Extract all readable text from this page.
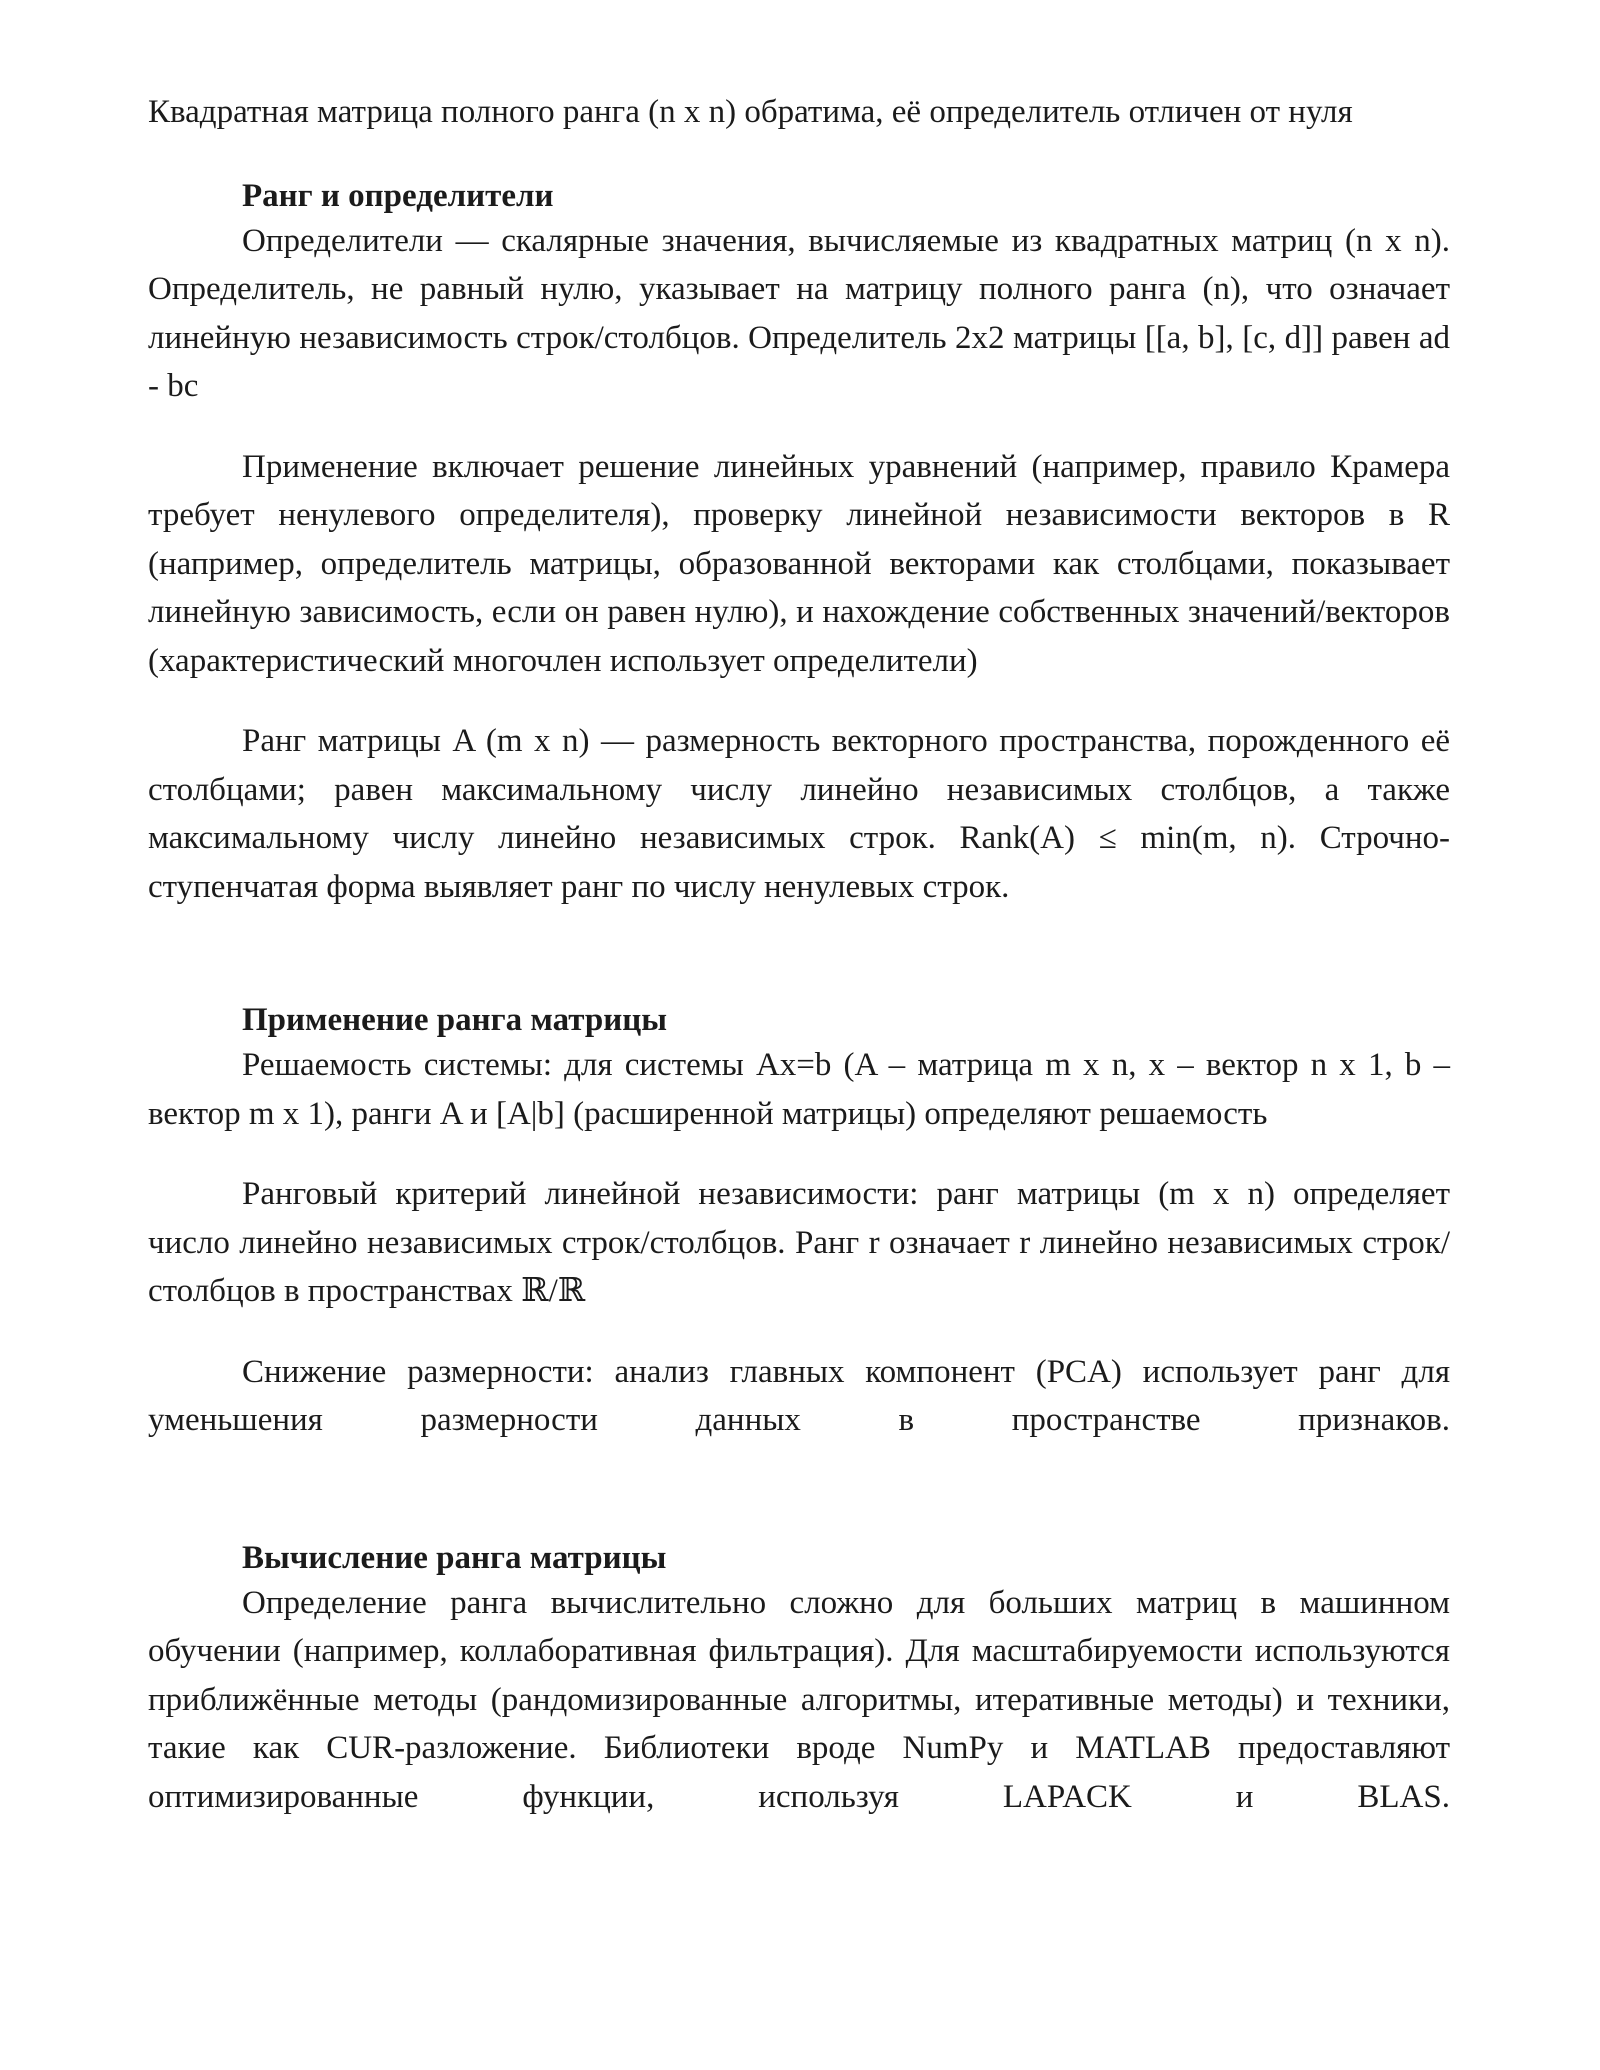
Квадратная матрица полного ранга (n x n) обратима, её определитель отличен от нуля

Ранг и определители

Определители — скалярные значения, вычисляемые из квадратных матриц (n x n). Определитель, не равный нулю, указывает на матрицу полного ранга (n), что означает линейную независимость строк/столбцов. Определитель 2x2 матрицы [[a, b], [c, d]] равен ad - bc

Применение включает решение линейных уравнений (например, правило Крамера требует ненулевого определителя), проверку линейной независимости векторов в R (например, определитель матрицы, образованной векторами как столбцами, показывает линейную зависимость, если он равен нулю), и нахождение собственных значений/векторов (характеристический многочлен использует определители)

Ранг матрицы A (m x n) — размерность векторного пространства, порожденного её столбцами; равен максимальному числу линейно независимых столбцов, а также максимальному числу линейно независимых строк. Rank(A) ≤ min(m, n). Строчно-ступенчатая форма выявляет ранг по числу ненулевых строк.

Применение ранга матрицы

Решаемость системы: для системы Ax=b (A – матрица m x n, x – вектор n x 1, b – вектор m x 1), ранги A и [A|b] (расширенной матрицы) определяют решаемость

Ранговый критерий линейной независимости: ранг матрицы (m x n) определяет число линейно независимых строк/столбцов. Ранг r означает r линейно независимых строк/столбцов в пространствах ℝ/ℝ

Снижение размерности: анализ главных компонент (PCA) использует ранг для уменьшения размерности данных в пространстве признаков.

Вычисление ранга матрицы

Определение ранга вычислительно сложно для больших матриц в машинном обучении (например, коллаборативная фильтрация). Для масштабируемости используются приближённые методы (рандомизированные алгоритмы, итеративные методы) и техники, такие как CUR-разложение. Библиотеки вроде NumPy и MATLAB предоставляют оптимизированные функции, используя LAPACK и BLAS.
